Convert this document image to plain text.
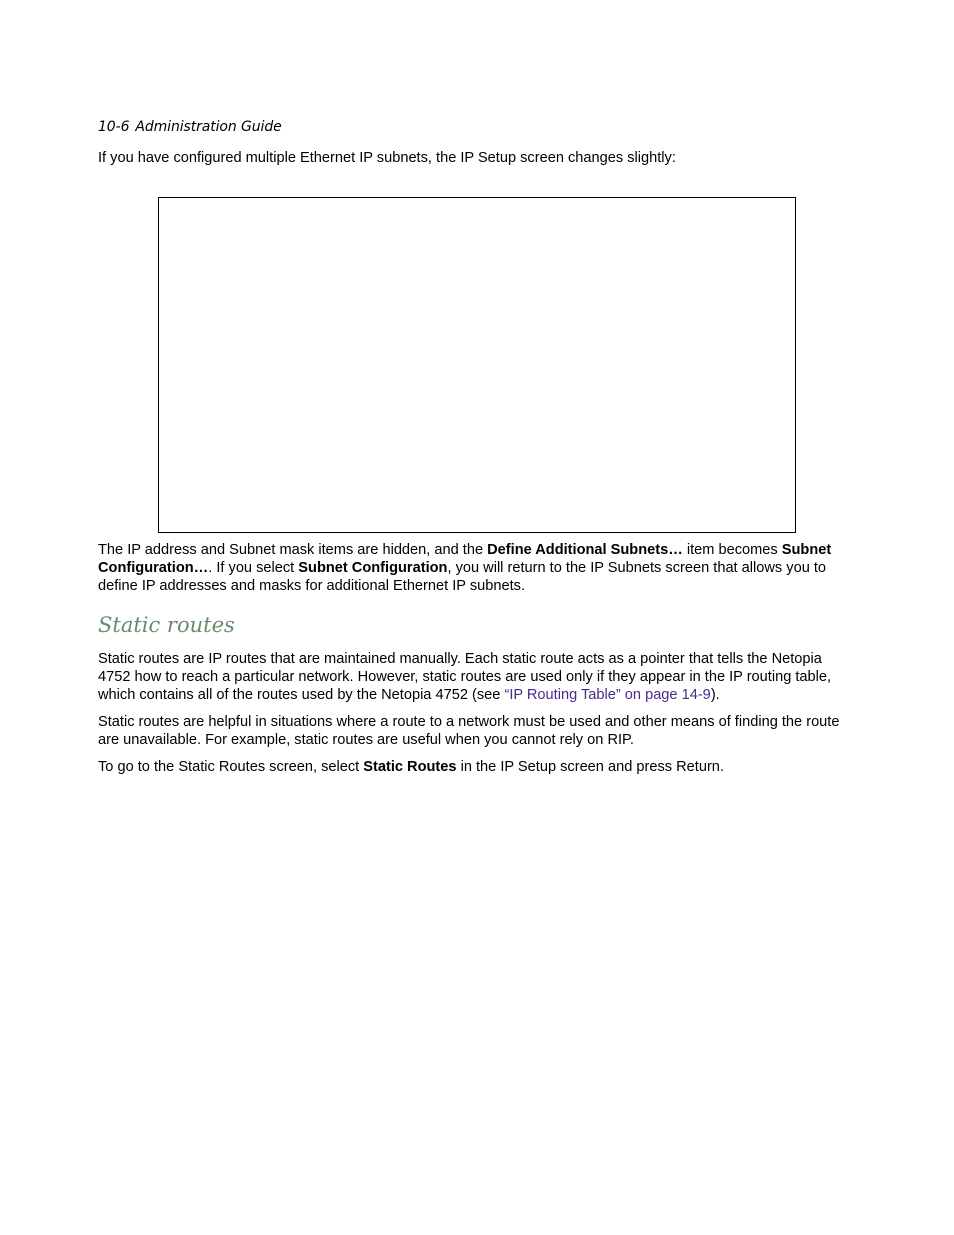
10-6 Administration Guide

If you have configured multiple Ethernet IP subnets, the IP Setup screen changes slightly:

The IP address and Subnet mask items are hidden, and the Define Additional Subnets… item becomes Subnet Configuration…. If you select Subnet Configuration, you will return to the IP Subnets screen that allows you to define IP addresses and masks for additional Ethernet IP subnets.

Static routes

Static routes are IP routes that are maintained manually. Each static route acts as a pointer that tells the Netopia 4752 how to reach a particular network. However, static routes are used only if they appear in the IP routing table, which contains all of the routes used by the Netopia 4752 (see “IP Routing Table” on page 14-9).

Static routes are helpful in situations where a route to a network must be used and other means of finding the route are unavailable. For example, static routes are useful when you cannot rely on RIP.

To go to the Static Routes screen, select Static Routes in the IP Setup screen and press Return.
